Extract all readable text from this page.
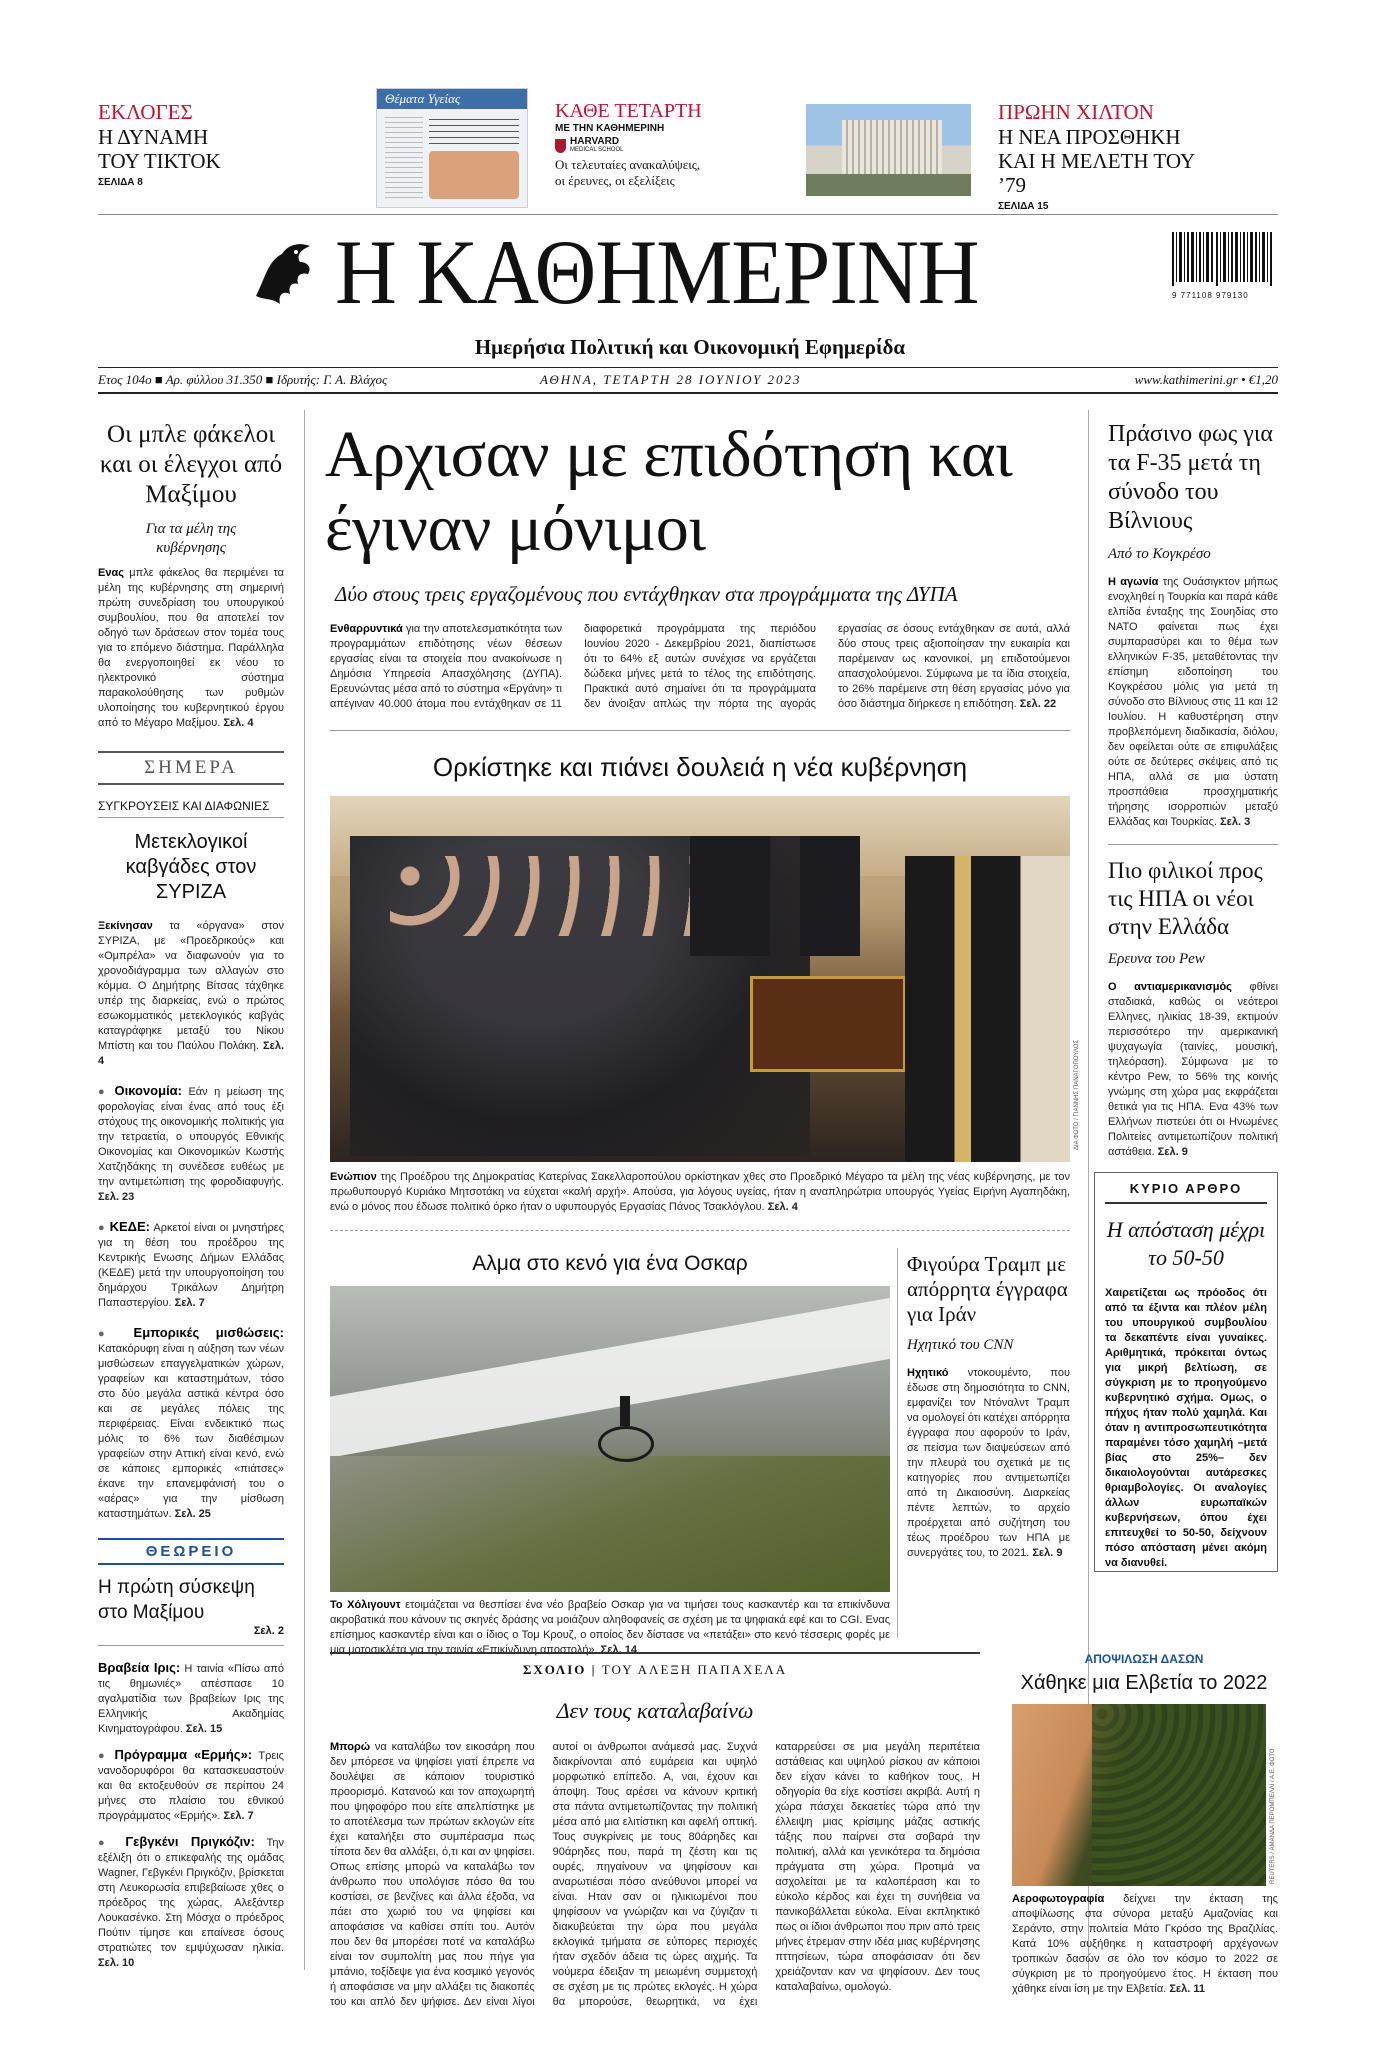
ΕΚΛΟΓΕΣ
Η ΔΥΝΑΜΗ ΤΟΥ ΤΙΚΤΟΚ
ΣΕΛΙΔΑ 8
Θέματα Υγείας
ΚΑΘΕ ΤΕΤΑΡΤΗ
ΜΕ ΤΗΝ ΚΑΘΗΜΕΡΙΝΗ
HARVARD
MEDICAL SCHOOL
Οι τελευταίες ανακαλύψεις, οι έρευνες, οι εξελίξεις
ΠΡΩΗΝ ΧΙΛΤΟΝ
Η ΝΕΑ ΠΡΟΣΘΗΚΗ ΚΑΙ Η ΜΕΛΕΤΗ ΤΟΥ ’79
ΣΕΛΙΔΑ 15
Η ΚΑΘΗΜΕΡΙΝΗ	9 771108 979130
Ημερήσια Πολιτική και Οικονομική Εφημερίδα
Ετος 104ο ■ Αρ. φύλλου 31.350 ■ Ιδρυτής: Γ. Α. Βλάχος	ΑΘΗΝΑ, ΤΕΤΑΡΤΗ 28 ΙΟΥΝΙΟΥ 2023	www.kathimerini.gr • €1,20
Οι μπλε φάκελοι και οι έλεγχοι από Μαξίμου
Για τα μέλη της κυβέρνησης
Ενας μπλε φάκελος θα περιμένει τα μέλη της κυβέρνησης στη σημερινή πρώτη συνεδρίαση του υπουργικού συμβουλίου, που θα αποτελεί τον οδηγό των δράσεων στον τομέα τους για το επόμενο διάστημα. Παράλληλα θα ενεργοποιηθεί εκ νέου το ηλεκτρονικό σύστημα παρακολούθησης των ρυθμών υλοποίησης του κυβερνητικού έργου από το Μέγαρο Μαξίμου. Σελ. 4
ΣΗΜΕΡΑ
ΣΥΓΚΡΟΥΣΕΙΣ ΚΑΙ ΔΙΑΦΩΝΙΕΣ
Μετεκλογικοί καβγάδες στον ΣΥΡΙΖΑ
Ξεκίνησαν τα «όργανα» στον ΣΥΡΙΖΑ, με «Προεδρικούς» και «Ομπρέλα» να διαφωνούν για το χρονοδιάγραμμα των αλλαγών στο κόμμα. Ο Δημήτρης Βίτσας τάχθηκε υπέρ της διαρκείας, ενώ ο πρώτος εσωκομματικός μετεκλογικός καβγάς καταγράφηκε μεταξύ του Νίκου Μπίστη και του Παύλου Πολάκη. Σελ. 4
● Οικονομία: Εάν η μείωση της φορολογίας είναι ένας από τους έξι στόχους της οικονομικής πολιτικής για την τετραετία, ο υπουργός Εθνικής Οικονομίας και Οικονομικών Κωστής Χατζηδάκης τη συνέδεσε ευθέως με την αντιμετώπιση της φοροδιαφυγής. Σελ. 23
● ΚΕΔΕ: Αρκετοί είναι οι μνηστήρες για τη θέση του προέδρου της Κεντρικής Ενωσης Δήμων Ελλάδας (ΚΕΔΕ) μετά την υπουργοποίηση του δημάρχου Τρικάλων Δημήτρη Παπαστεργίου. Σελ. 7
● Εμπορικές μισθώσεις: Κατακόρυφη είναι η αύξηση των νέων μισθώσεων επαγγελματικών χώρων, γραφείων και καταστημάτων, τόσο στο δύο μεγάλα αστικά κέντρα όσο και σε μεγάλες πόλεις της περιφέρειας. Είναι ενδεικτικό πως μόλις το 6% των διαθέσιμων γραφείων στην Αττική είναι κενό, ενώ σε κάποιες εμπορικές «πιάτσες» έκανε την επανεμφάνισή του ο «αέρας» για την μίσθωση καταστημάτων. Σελ. 25
ΘΕΩΡΕΙΟ
Η πρώτη σύσκεψη στο Μαξίμου
Σελ. 2
Βραβεία Ιρις: Η ταινία «Πίσω από τις θημωνιές» απέσπασε 10 αγαλματίδια των βραβείων Ιρις της Ελληνικής Ακαδημίας Κινηματογράφου. Σελ. 15
● Πρόγραμμα «Ερμής»: Τρεις νανοδορυφόροι θα κατασκευαστούν και θα εκτοξευθούν σε περίπου 24 μήνες στο πλαίσιο του εθνικού προγράμματος «Ερμής». Σελ. 7
● Γεβγκένι Πριγκόζιν: Την εξέλιξη ότι ο επικεφαλής της ομάδας Wagner, Γεβγκένι Πριγκόζιν, βρίσκεται στη Λευκορωσία επιβεβαίωσε χθες ο πρόεδρος της χώρας, Αλεξάντερ Λουκασένκο. Στη Μόσχα ο πρόεδρος Πούτιν τίμησε και επαίνεσε όσους στρατιώτες τον εμψύχωσαν ηλικία. Σελ. 10
Αρχισαν με επιδότηση και έγιναν μόνιμοι
Δύο στους τρεις εργαζομένους που εντάχθηκαν στα προγράμματα της ΔΥΠΑ
Ενθαρρυντικά για την αποτελεσματικότητα των προγραμμάτων επιδότησης νέων θέσεων εργασίας είναι τα στοιχεία που ανακοίνωσε η Δημόσια Υπηρεσία Απασχόλησης (ΔΥΠΑ). Ερευνώντας μέσα από το σύστημα «Εργάνη» τι απέγιναν 40.000 άτομα που εντάχθηκαν σε 11 διαφορετικά προγράμματα της περιόδου Ιουνίου 2020 - Δεκεμβρίου 2021, διαπίστωσε ότι το 64% εξ αυτών συνέχισε να εργάζεται δώδεκα μήνες μετά το τέλος της επιδότησης. Πρακτικά αυτό σημαίνει ότι τα προγράμματα δεν άνοιξαν απλώς την πόρτα της αγοράς εργασίας σε όσους εντάχθηκαν σε αυτά, αλλά δύο στους τρεις αξιοποίησαν την ευκαιρία και παρέμειναν ως κανονικοί, μη επιδοτούμενοι απασχολούμενοι. Σύμφωνα με τα ίδια στοιχεία, το 26% παρέμεινε στη θέση εργασίας μόνο για όσο διάστημα διήρκεσε η επιδότηση. Σελ. 22
Ορκίστηκε και πιάνει δουλειά η νέα κυβέρνηση
ΔΙΑ ΦΩΤΟ / ΓΙΑΝΝΗΣ ΠΑΝΑΓΟΠΟΥΛΟΣ
Ενώπιον της Προέδρου της Δημοκρατίας Κατερίνας Σακελλαροπούλου ορκίστηκαν χθες στο Προεδρικό Μέγαρο τα μέλη της νέας κυβέρνησης, με τον πρωθυπουργό Κυριάκο Μητσοτάκη να εύχεται «καλή αρχή». Απούσα, για λόγους υγείας, ήταν η αναπληρώτρια υπουργός Υγείας Ειρήνη Αγαπηδάκη, ενώ ο μόνος που έδωσε πολιτικό όρκο ήταν ο υφυπουργός Εργασίας Πάνος Τσακλόγλου. Σελ. 4
Αλμα στο κενό για ένα Οσκαρ
Το Χόλιγουντ ετοιμάζεται να θεσπίσει ένα νέο βραβείο Οσκαρ για να τιμήσει τους κασκαντέρ και τα επικίνδυνα ακροβατικά που κάνουν τις σκηνές δράσης να μοιάζουν αληθοφανείς σε σχέση με τα ψηφιακά εφέ και το CGI. Ενας επίσημος κασκαντέρ είναι και ο ίδιος ο Τομ Κρουζ, ο οποίος δεν δίστασε να «πετάξει» στο κενό τέσσερις φορές με μια μοτοσικλέτα για την ταινία «Επικίνδυνη αποστολή». Σελ. 14
Φιγούρα Τραμπ με απόρρητα έγγραφα για Ιράν
Ηχητικό του CNN
Ηχητικό ντοκουμέντο, που έδωσε στη δημοσιότητα το CNN, εμφανίζει τον Ντόναλντ Τραμπ να ομολογεί ότι κατέχει απόρρητα έγγραφα που αφορούν το Ιράν, σε πείσμα των διαψεύσεων από την πλευρά του σχετικά με τις κατηγορίες που αντιμετωπίζει από τη Δικαιοσύνη. Διαρκείας πέντε λεπτών, το αρχείο προέρχεται από συζήτηση του τέως προέδρου των ΗΠΑ με συνεργάτες του, το 2021. Σελ. 9
ΣΧΟΛΙΟ | ΤΟΥ ΑΛΕΞΗ ΠΑΠΑΧΕΛΑ
Δεν τους καταλαβαίνω
Μπορώ να καταλάβω τον εικοσάρη που δεν μπόρεσε να ψηφίσει γιατί έπρεπε να δουλέψει σε κάποιον τουριστικό προορισμό. Κατανοώ και τον αποχωρητή που ψηφοφόρο που είτε απελπίστηκε με το αποτέλεσμα των πρώτων εκλογών είτε έχει καταλήξει στο συμπέρασμα πως τίποτα δεν θα αλλάξει, ό,τι και αν ψηφίσει. Οπως επίσης μπορώ να καταλάβω τον άνθρωπο που υπολόγισε πόσο θα του κοστίσει, σε βενζίνες και άλλα έξοδα, να πάει στο χωριό του να ψηφίσει και αποφάσισε να καθίσει σπίτι του. Αυτόν που δεν θα μπορέσει ποτέ να καταλάβω είναι τον συμπολίτη μας που πήγε για μπάνιο, τοξίδεψε για ένα κοσμικό γεγονός ή αποφάσισε να μην αλλάξει τις διακοπές του και απλό δεν ψήφισε. Δεν είναι λίγοι αυτοί οι άνθρωποι ανάμεσά μας. Συχνά διακρίνονται από ευμάρεια και υψηλό μορφωτικό επίπεδο. Α, ναι, έχουν και άποψη. Τους αρέσει να κάνουν κριτική στα πάντα αντιμετωπίζοντας την πολιτική μέσα από μια ελιτίστικη και αφελή οπτική. Τους συγκρίνεις με τους 80άρηδες και 90άρηδες που, παρά τη ζέστη και τις ουρές, πηγαίνουν να ψηφίσουν και αναρωτιέσαι πόσο ανεύθυνοι μπορεί να είναι. Ηταν σαν οι ηλικιωμένοι που ψηφίσουν να γνώριζαν και να ζύγιζαν τι διακυβεύεται την ώρα που μεγάλα εκλογικά τμήματα σε εύπορες περιοχές ήταν σχεδόν άδεια τις ώρες αιχμής. Τα νούμερα έδειξαν τη μειωμένη συμμετοχή σε σχέση με τις πρώτες εκλογές. Η χώρα θα μπορούσε, θεωρητικά, να έχει καταρρεύσει σε μια μεγάλη περιπέτεια αστάθειας και υψηλού ρίσκου αν κάποιοι δεν είχαν κάνει το καθήκον τους. Η οδηγορία θα είχε κοστίσει ακριβά. Αυτή η χώρα πάσχει δεκαετίες τώρα από την έλλειψη μιας κρίσιμης μάζας αστικής τάξης που παίρνει στα σοβαρά την πολιτική, αλλά και γενικότερα τα δημόσια πράγματα στη χώρα. Προτιμά να ασχολείται με τα καλοπέραση και το εύκολο κέρδος και έχει τη συνήθεια να πανικοβάλλεται εύκολα. Είναι εκπληκτικό πως οι ίδιοι άνθρωποι που πριν από τρεις μήνες έτρεμαν στην ιδέα μιας κυβέρνησης πττησίεων, τώρα αποφάσισαν ότι δεν χρειάζονταν καν να ψηφίσουν. Δεν τους καταλαβαίνω, ομολογώ.
Πράσινο φως για τα F-35 μετά τη σύνοδο του Βίλνιους
Από το Κογκρέσο
Η αγωνία της Ουάσιγκτον μήπως ενοχληθεί η Τουρκία και παρά κάθε ελπίδα ένταξης της Σουηδίας στο ΝΑΤΟ φαίνεται πως έχει συμπαρασύρει και το θέμα των ελληνικών F-35, μεταθέτοντας την επίσημη ειδοποίηση του Κογκρέσου μόλις για μετά τη σύνοδο στο Βίλνιους στις 11 και 12 Ιουλίου. Η καθυστέρηση στην προβλεπόμενη διαδικασία, διόλου, δεν οφείλεται ούτε σε επιφυλάξεις ούτε σε δεύτερες σκέψεις από τις ΗΠΑ, αλλά σε μια ύστατη προσπάθεια προσχηματικής τήρησης ισορροπιών μεταξύ Ελλάδας και Τουρκίας. Σελ. 3
Πιο φιλικοί προς τις ΗΠΑ οι νέοι στην Ελλάδα
Ερευνα του Pew
Ο αντιαμερικανισμός φθίνει σταδιακά, καθώς οι νεότεροι Ελληνες, ηλικίας 18-39, εκτιμούν περισσότερο την αμερικανική ψυχαγωγία (ταινίες, μουσική, τηλεόραση). Σύμφωνα με το κέντρο Pew, το 56% της κοινής γνώμης στη χώρα μας εκφράζεται θετικά για τις ΗΠΑ. Ενα 43% των Ελλήνων πιστεύει ότι οι Ηνωμένες Πολιτείες αντιμετωπίζουν πολιτική αστάθεια. Σελ. 9
ΚΥΡΙΟ ΑΡΘΡΟ
Η απόσταση μέχρι το 50-50
Χαιρετίζεται ως πρόοδος ότι από τα έξιντα και πλέον μέλη του υπουργικού συμβουλίου τα δεκαπέντε είναι γυναίκες. Αριθμητικά, πρόκειται όντως για μικρή βελτίωση, σε σύγκριση με το προηγούμενο κυβερνητικό σχήμα. Ομως, ο πήχυς ήταν πολύ χαμηλά. Και όταν η αντιπροσωπευτικότητα παραμένει τόσο χαμηλή –μετά βίας στο 25%– δεν δικαιολογούνται αυτάρεσκες θριαμβολογίες. Οι αναλογίες άλλων ευρωπαϊκών κυβερνήσεων, όπου έχει επιτευχθεί το 50-50, δείχνουν πόσο απόσταση μένει ακόμη να διανυθεί.
ΑΠΟΨΙΛΩΣΗ ΔΑΣΩΝ
Χάθηκε μια Ελβετία το 2022
REUTERS / ΑΜΑΝΔΑ ΠΕΡΟΜΠΕΛΛΙ / Α.Ε. ΦΩΤΟ
Αεροφωτογραφία δείχνει την έκταση της αποψίλωσης στα σύνορα μεταξύ Αμαζονίας και Σεράντο, στην πολιτεία Μάτο Γκρόσο της Βραζιλίας. Κατά 10% αυξήθηκε η καταστροφή αρχέγονων τροπικών δασών σε όλο τον κόσμο το 2022 σε σύγκριση με το προηγούμενο έτος. Η έκταση που χάθηκε είναι ίση με την Ελβετία. Σελ. 11
